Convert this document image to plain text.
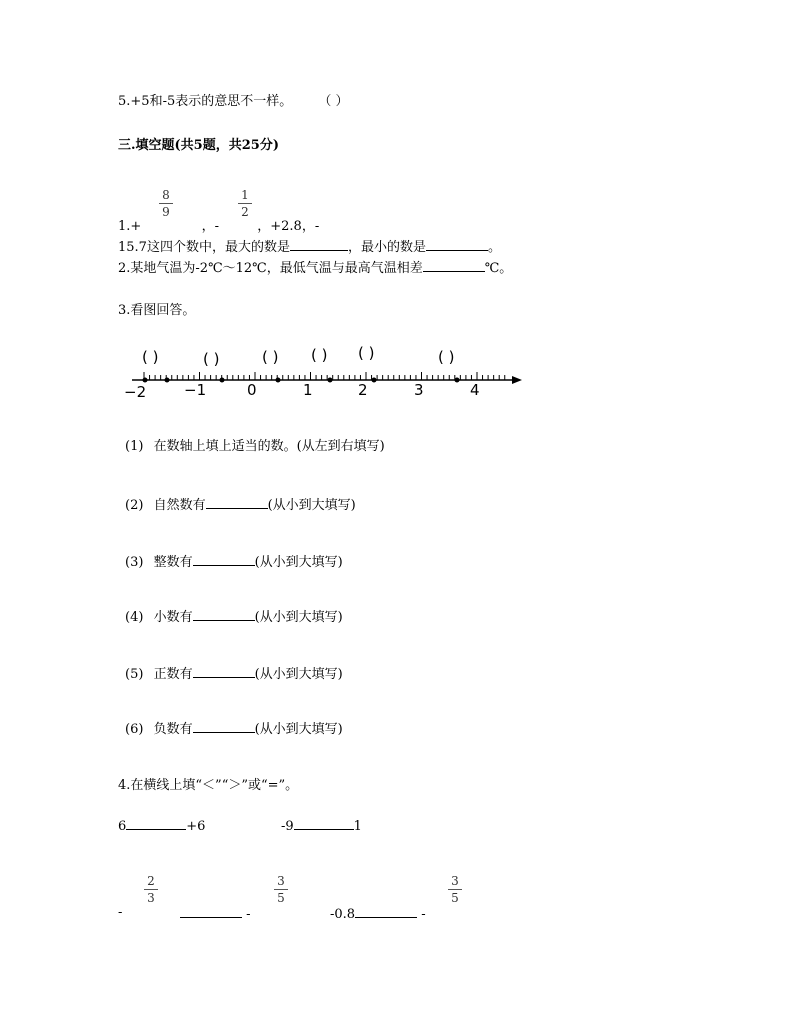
5.+5和-5表示的意思不一样。 （ ）
三.填空题(共5题，共25分)
8
9
1
2
1.+	，-	，+2.8，-
15.7这四个数中，最大的数是	，最小的数是	。
2.某地气温为-2℃～12℃，最低气温与最高气温相差	℃。
3.看图回答。
( )	( )	( ) ( ) ( )	( )
−2	−1	0	1	2	3	4
(1) 在数轴上填上适当的数。(从左到右填写)
(2) 自然数有	(从小到大填写)
(3) 整数有	(从小到大填写)
(4) 小数有	(从小到大填写)
(5) 正数有	(从小到大填写)
(6) 负数有	(从小到大填写)
4.在横线上填“＜”“＞”或“=”。
6	+6	-9	1
2
3
3
5
3
5
-	-	-0.8	-
